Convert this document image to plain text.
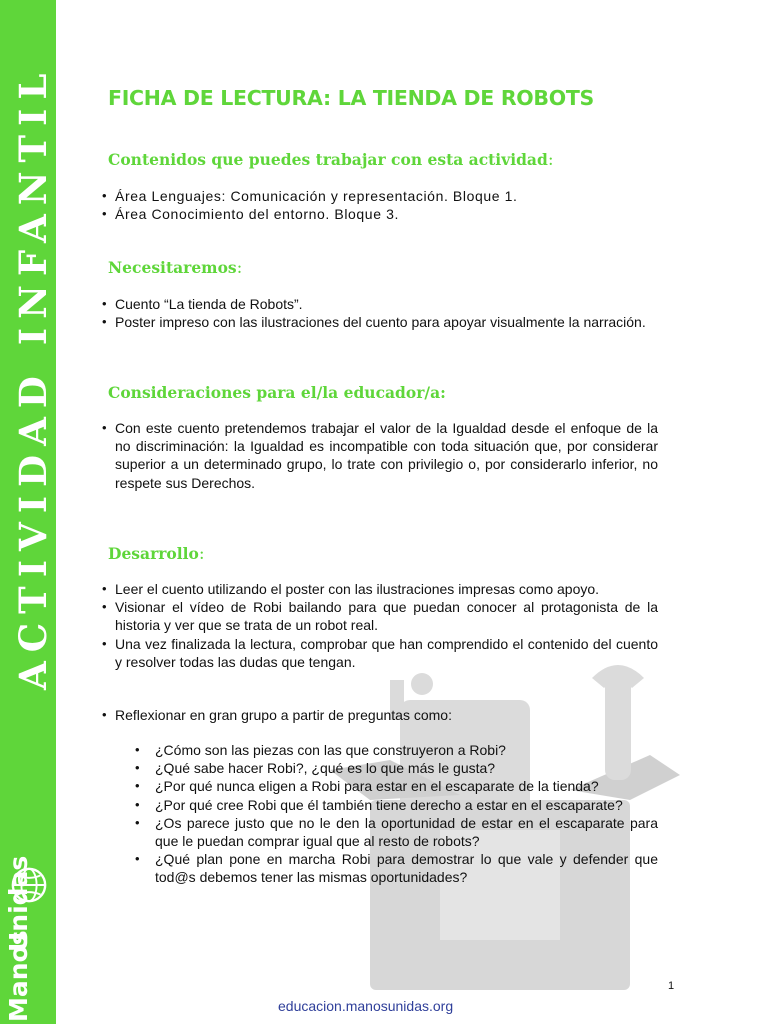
ACTIVIDAD INFANTIL
Unidas
Manos
FICHA DE LECTURA: LA TIENDA DE ROBOTS

Contenidos que puedes trabajar con esta actividad:

• Área Lenguajes: Comunicación y representación. Bloque 1.
• Área Conocimiento del entorno. Bloque 3.

Necesitaremos:

• Cuento “La tienda de Robots”.
• Poster impreso con las ilustraciones del cuento para apoyar visualmente la narración.

Consideraciones para el/la educador/a:

• Con este cuento pretendemos trabajar el valor de la Igualdad desde el enfoque de la no discriminación: la Igualdad es incompatible con toda situación que, por considerar superior a un determinado grupo, lo trate con privilegio o, por considerarlo inferior, no respete sus Derechos.

Desarrollo:

• Leer el cuento utilizando el poster con las ilustraciones impresas como apoyo.
• Visionar el vídeo de Robi bailando para que puedan conocer al protagonista de la historia y ver que se trata de un robot real.
• Una vez finalizada la lectura, comprobar que han comprendido el contenido del cuento y resolver todas las dudas que tengan.
• Reflexionar en gran grupo a partir de preguntas como:
• ¿Cómo son las piezas con las que construyeron a Robi?
• ¿Qué sabe hacer Robi?, ¿qué es lo que más le gusta?
• ¿Por qué nunca eligen a Robi para estar en el escaparate de la tienda?
• ¿Por qué cree Robi que él también tiene derecho a estar en el escaparate?
• ¿Os parece justo que no le den la oportunidad de estar en el escaparate para que le puedan comprar igual que al resto de robots?
• ¿Qué plan pone en marcha Robi para demostrar lo que vale y defender que tod@s debemos tener las mismas oportunidades?
1
educacion.manosunidas.org
